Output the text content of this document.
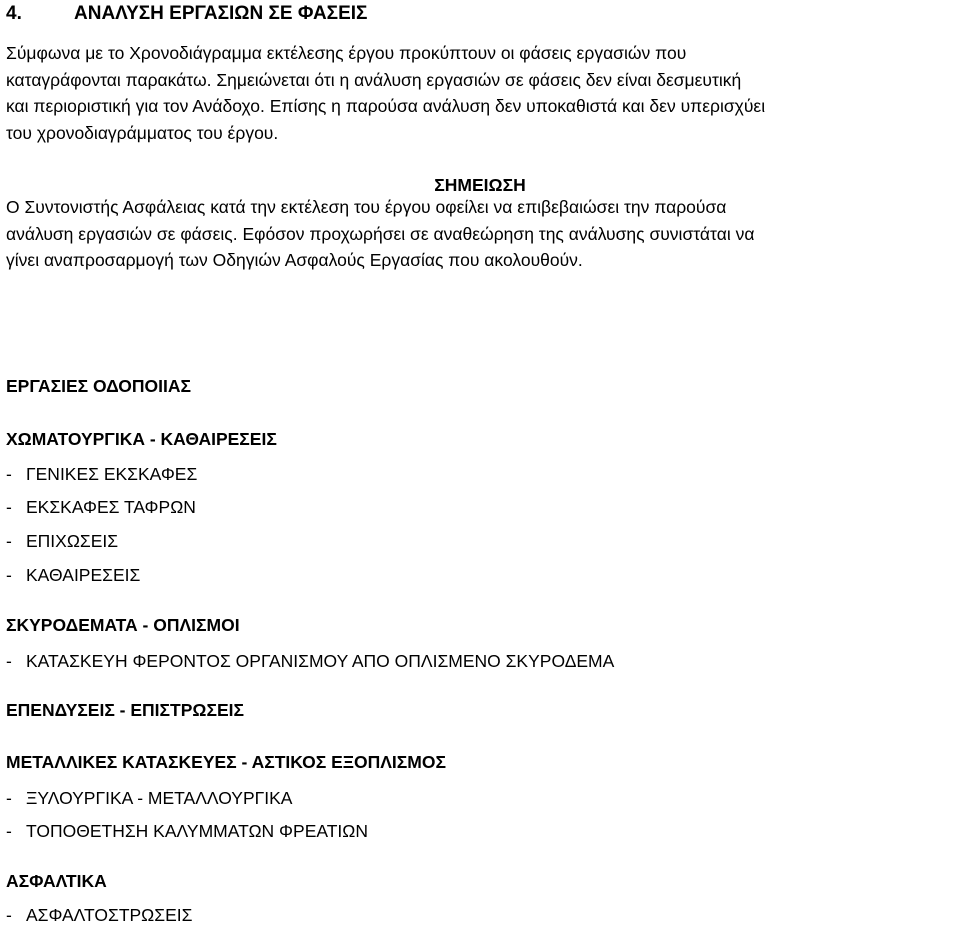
4.	ΑΝΑΛΥΣΗ ΕΡΓΑΣΙΩΝ ΣΕ ΦΑΣΕΙΣ
Σύμφωνα με το Χρονοδιάγραμμα εκτέλεσης έργου προκύπτουν οι φάσεις εργασιών που
καταγράφονται παρακάτω. Σημειώνεται ότι η ανάλυση εργασιών σε φάσεις δεν είναι δεσμευτική
και περιοριστική για τον Ανάδοχο. Επίσης η παρούσα ανάλυση δεν υποκαθιστά και δεν υπερισχύει
του χρονοδιαγράμματος του έργου.
ΣΗΜΕΙΩΣΗ
Ο Συντονιστής Ασφάλειας κατά την εκτέλεση του έργου οφείλει να επιβεβαιώσει την παρούσα
ανάλυση εργασιών σε φάσεις. Εφόσον προχωρήσει σε αναθεώρηση της ανάλυσης συνιστάται να
γίνει αναπροσαρμογή των Οδηγιών Ασφαλούς Εργασίας που ακολουθούν.
ΕΡΓΑΣΙΕΣ ΟΔΟΠΟΙΙΑΣ
ΧΩΜΑΤΟΥΡΓΙΚΑ - ΚΑΘΑΙΡΕΣΕΙΣ
- ΓΕΝΙΚΕΣ ΕΚΣΚΑΦΕΣ
- ΕΚΣΚΑΦΕΣ ΤΑΦΡΩΝ
- ΕΠΙΧΩΣΕΙΣ
- ΚΑΘΑΙΡΕΣΕΙΣ
ΣΚΥΡΟΔΕΜΑΤΑ - ΟΠΛΙΣΜΟΙ
- ΚΑΤΑΣΚΕΥΗ ΦΕΡΟΝΤΟΣ ΟΡΓΑΝΙΣΜΟΥ ΑΠΟ ΟΠΛΙΣΜΕΝΟ ΣΚΥΡΟΔΕΜΑ
ΕΠΕΝΔΥΣΕΙΣ - ΕΠΙΣΤΡΩΣΕΙΣ
ΜΕΤΑΛΛΙΚΕΣ ΚΑΤΑΣΚΕΥΕΣ - ΑΣΤΙΚΟΣ ΕΞΟΠΛΙΣΜΟΣ
- ΞΥΛΟΥΡΓΙΚΑ - ΜΕΤΑΛΛΟΥΡΓΙΚΑ
- ΤΟΠΟΘΕΤΗΣΗ ΚΑΛΥΜΜΑΤΩΝ ΦΡΕΑΤΙΩΝ
ΑΣΦΑΛΤΙΚΑ
- ΑΣΦΑΛΤΟΣΤΡΩΣΕΙΣ
